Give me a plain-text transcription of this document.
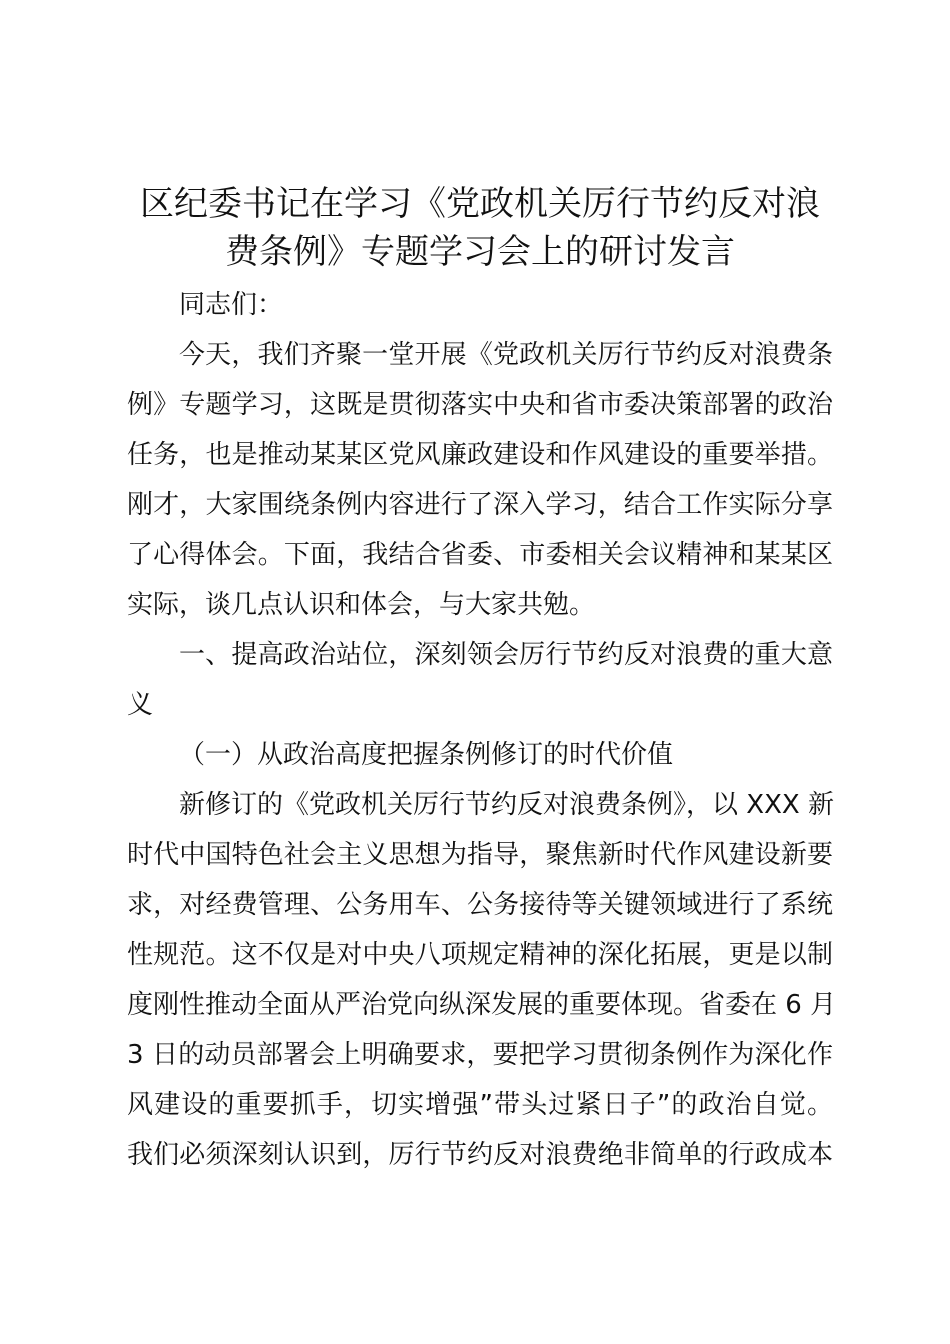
区纪委书记在学习《党政机关厉行节约反对浪
费条例》专题学习会上的研讨发言
同志们：
今天，我们齐聚一堂开展《党政机关厉行节约反对浪费条
例》专题学习，这既是贯彻落实中央和省市委决策部署的政治
任务，也是推动某某区党风廉政建设和作风建设的重要举措。
刚才，大家围绕条例内容进行了深入学习，结合工作实际分享
了心得体会。下面，我结合省委、市委相关会议精神和某某区
实际，谈几点认识和体会，与大家共勉。
一、提高政治站位，深刻领会厉行节约反对浪费的重大意
义
（一）从政治高度把握条例修订的时代价值
新修订的《党政机关厉行节约反对浪费条例》，以 XXX 新
时代中国特色社会主义思想为指导，聚焦新时代作风建设新要
求，对经费管理、公务用车、公务接待等关键领域进行了系统
性规范。这不仅是对中央八项规定精神的深化拓展，更是以制
度刚性推动全面从严治党向纵深发展的重要体现。省委在 6 月
3 日的动员部署会上明确要求，要把学习贯彻条例作为深化作
风建设的重要抓手，切实增强”带头过紧日子”的政治自觉。
我们必须深刻认识到，厉行节约反对浪费绝非简单的行政成本
